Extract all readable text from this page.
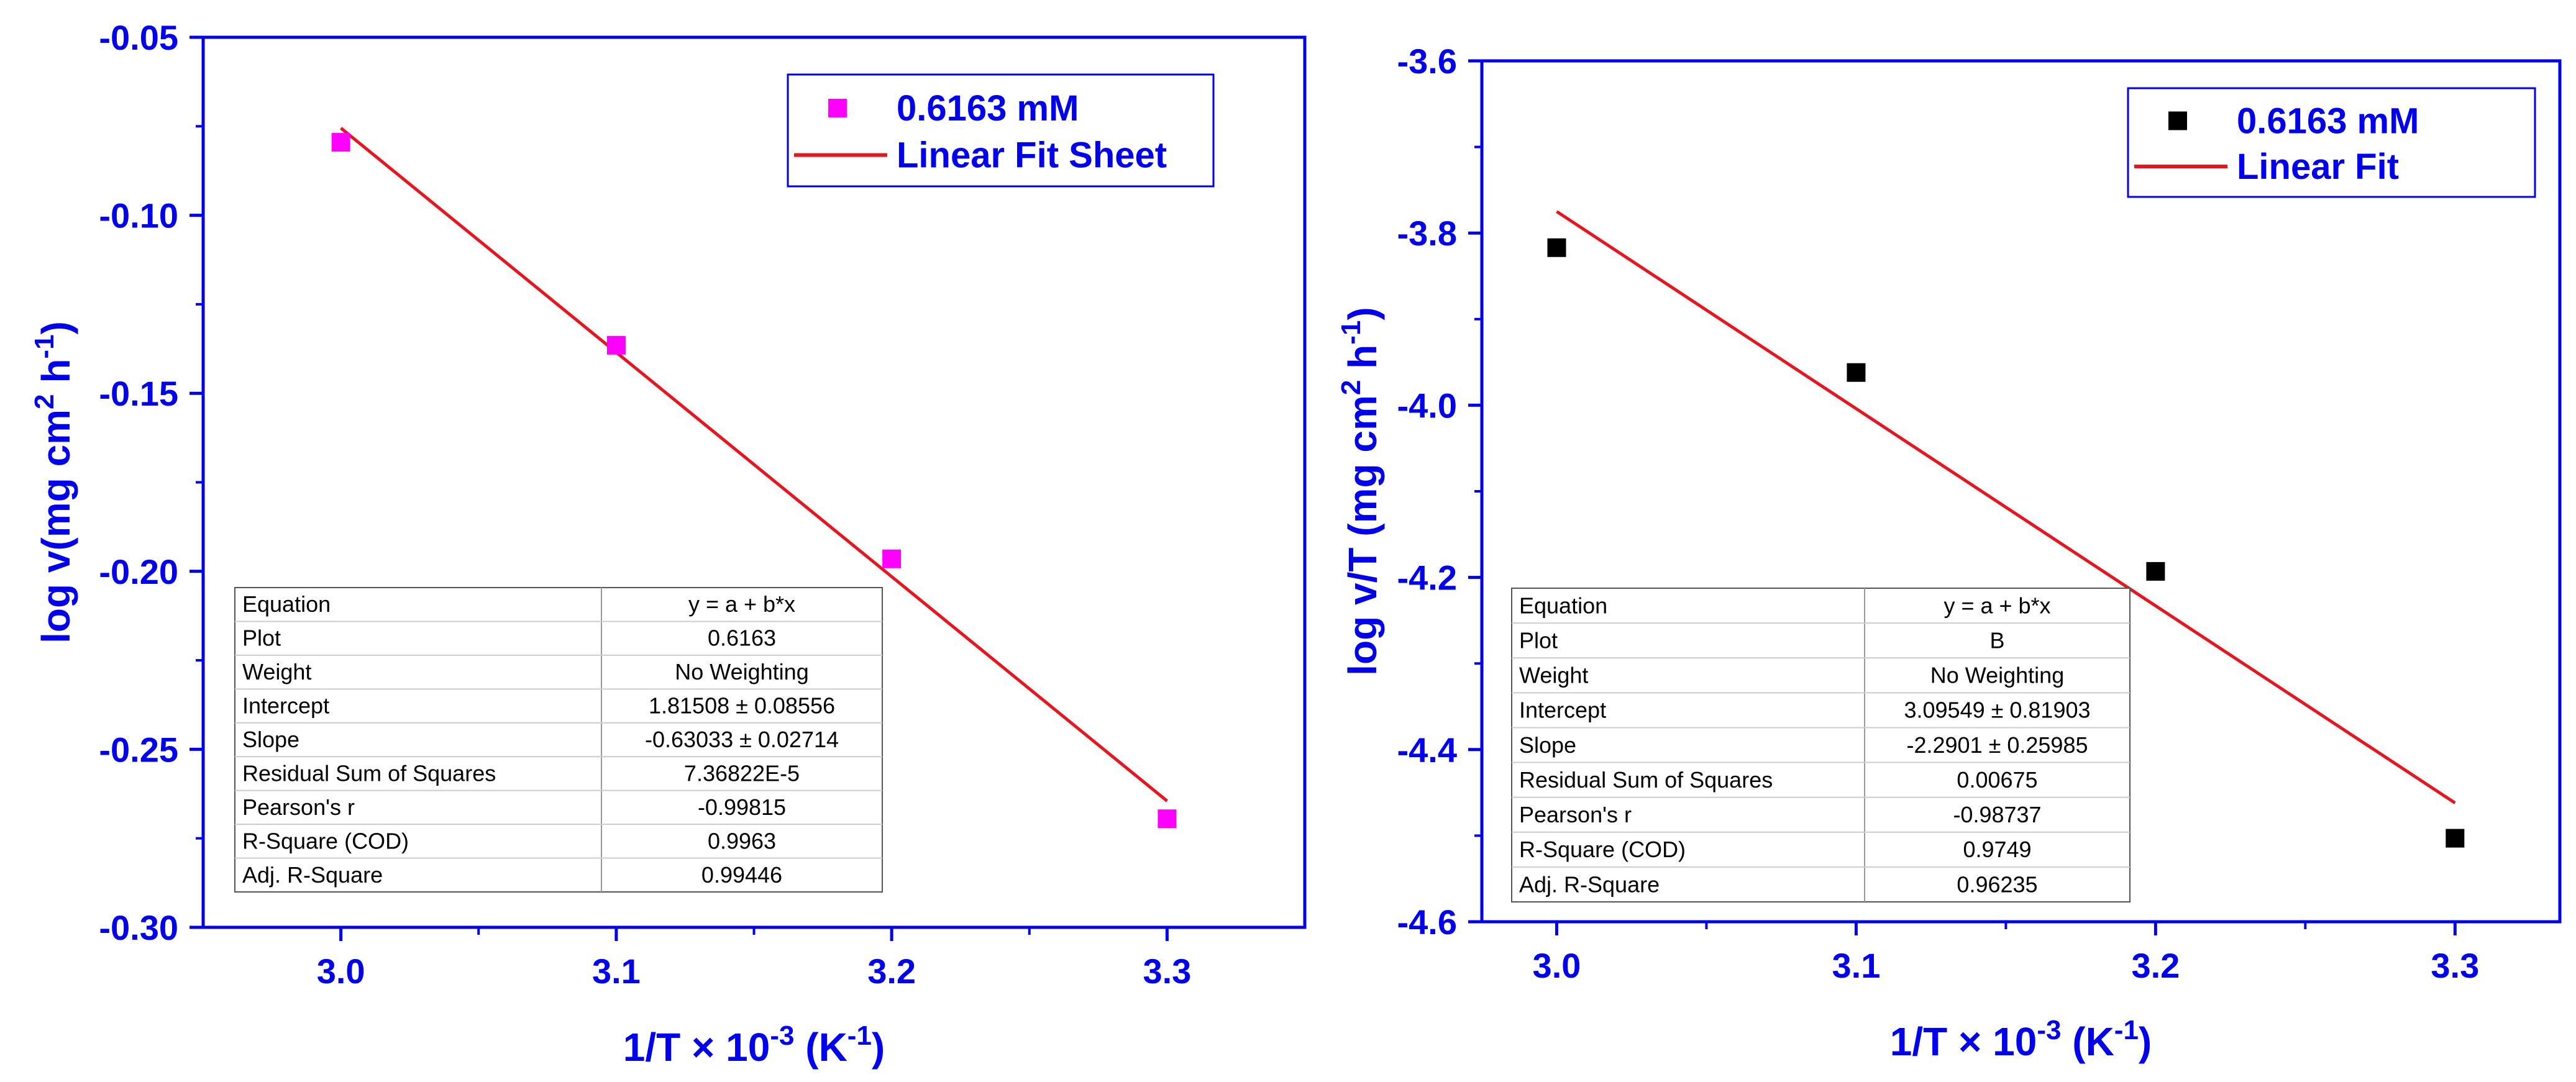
3.0	3.1	3.2	3.3
-0.05
-0.10
-0.15
-0.20
-0.25
-0.30
$1/T \times 10^{-3}$ $(K^{-1})$
log v(mg $cm^2$ $h^{-1}$)
Equation	y = a + b*x
Plot	0.6163
Weight	No Weighting
Intercept	1.81508 ± 0.08556
Slope	-0.63033 ± 0.02714
Residual Sum of Squares	7.36822E-5
Pearson's r	-0.99815
R-Square (COD)	0.9963
Adj. R-Square	0.99446
0.6163 mM
Linear Fit Sheet
3.0	3.1	3.2	3.3
-3.6
-3.8
-4.0
-4.2
-4.4
-4.6
$1/T \times 10^{-3}$ $(K^{-1})$
log v/T (mg $cm^2$ $h^{-1}$)
Equation	y = a + b*x
Plot	B
Weight	No Weighting
Intercept	3.09549 ± 0.81903
Slope	-2.2901 ± 0.25985
Residual Sum of Squares	0.00675
Pearson's r	-0.98737
R-Square (COD)	0.9749
Adj. R-Square	0.96235
0.6163 mM
Linear Fit
